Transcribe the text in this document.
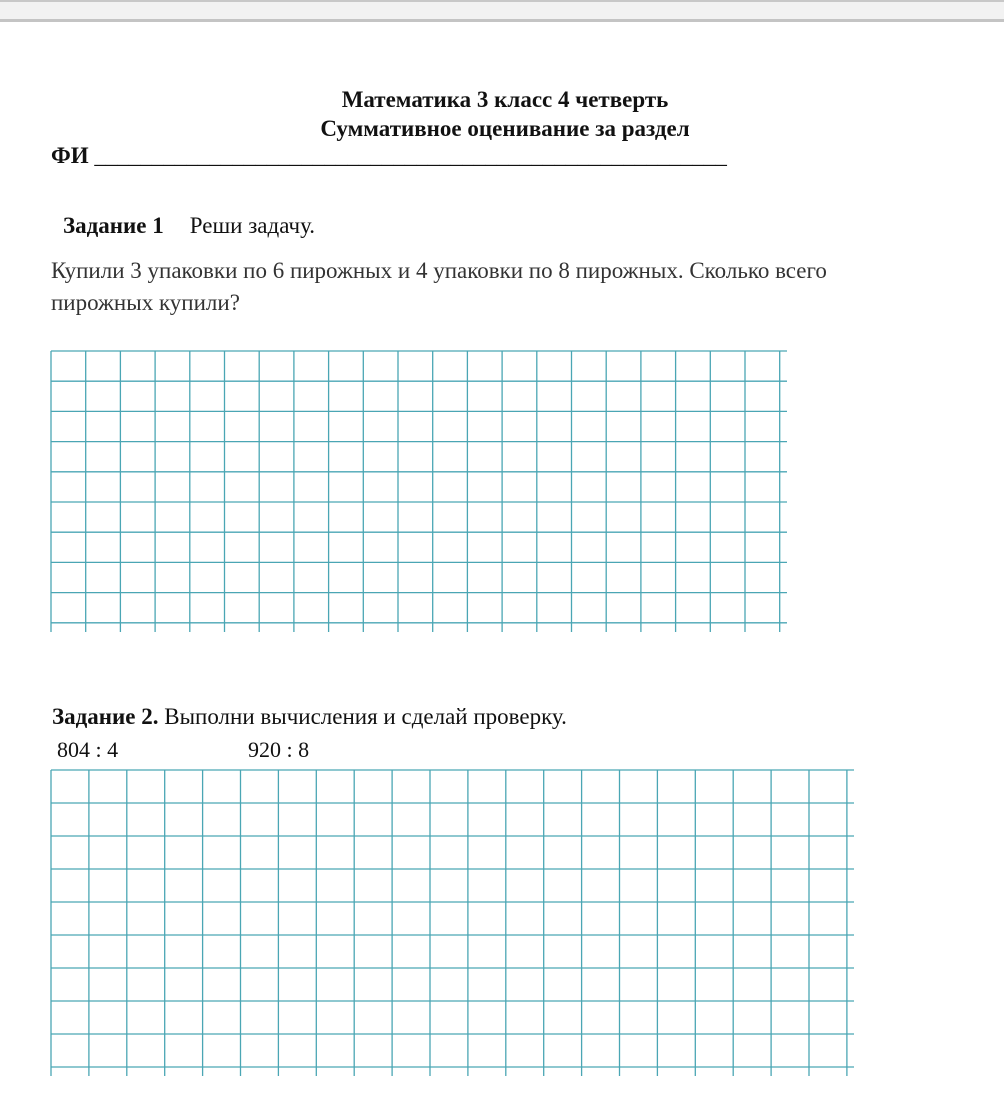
Математика 3 класс 4 четверть
Суммативное оценивание за раздел
ФИ _______________________________________________________
Задание 1 Реши задачу.
Купили 3 упаковки по 6 пирожных и 4 упаковки по 8 пирожных. Сколько всего
пирожных купили?
Задание 2. Выполни вычисления и сделай проверку.
804 : 4	920 : 8
